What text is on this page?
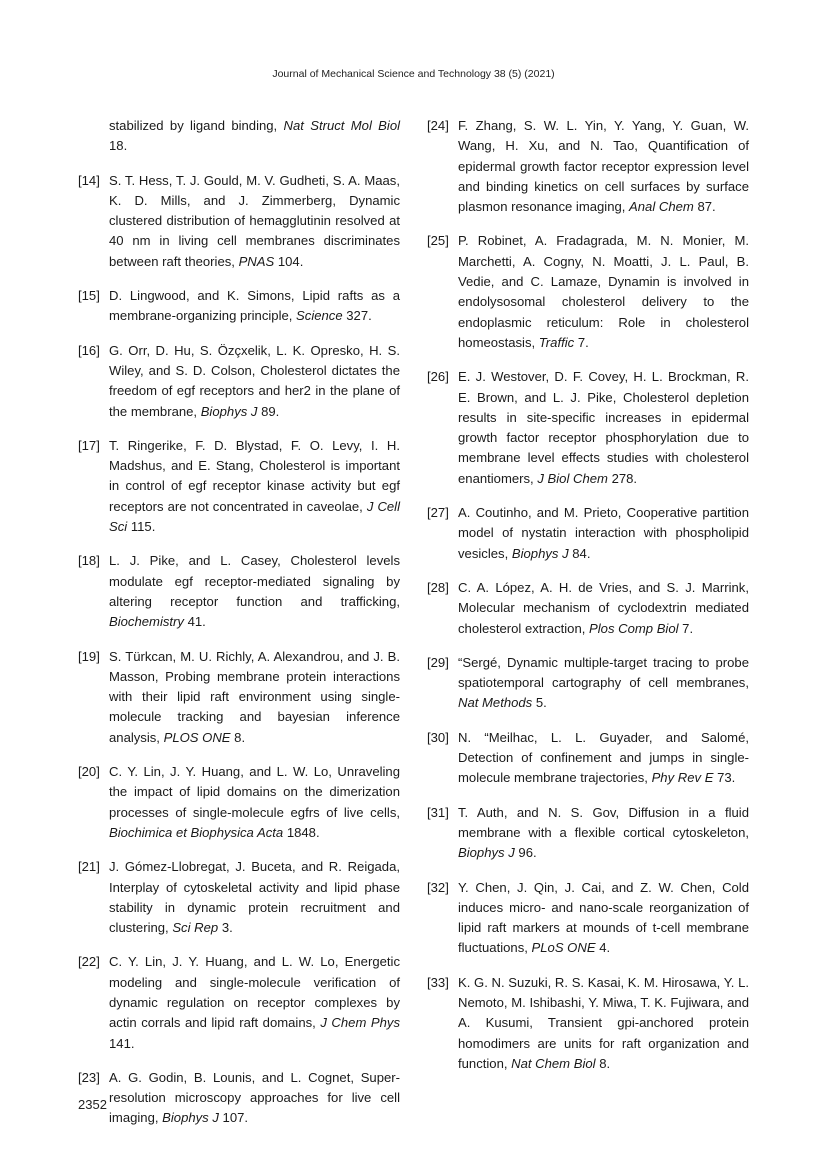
Journal of Mechanical Science and Technology 38 (5) (2021)
stabilized by ligand binding, Nat Struct Mol Biol 18.
[14] S. T. Hess, T. J. Gould, M. V. Gudheti, S. A. Maas, K. D. Mills, and J. Zimmerberg, Dynamic clustered distribution of hemagglutinin resolved at 40 nm in living cell membranes discriminates between raft theories, PNAS 104.
[15] D. Lingwood, and K. Simons, Lipid rafts as a membrane-organizing principle, Science 327.
[16] G. Orr, D. Hu, S. Özçxelik, L. K. Opresko, H. S. Wiley, and S. D. Colson, Cholesterol dictates the freedom of egf receptors and her2 in the plane of the membrane, Biophys J 89.
[17] T. Ringerike, F. D. Blystad, F. O. Levy, I. H. Madshus, and E. Stang, Cholesterol is important in control of egf receptor kinase activity but egf receptors are not concentrated in caveolae, J Cell Sci 115.
[18] L. J. Pike, and L. Casey, Cholesterol levels modulate egf receptor-mediated signaling by altering receptor function and trafficking, Biochemistry 41.
[19] S. Türkcan, M. U. Richly, A. Alexandrou, and J. B. Masson, Probing membrane protein interactions with their lipid raft environment using single-molecule tracking and bayesian inference analysis, PLOS ONE 8.
[20] C. Y. Lin, J. Y. Huang, and L. W. Lo, Unraveling the impact of lipid domains on the dimerization processes of single-molecule egfrs of live cells, Biochimica et Biophysica Acta 1848.
[21] J. Gómez-Llobregat, J. Buceta, and R. Reigada, Interplay of cytoskeletal activity and lipid phase stability in dynamic protein recruitment and clustering, Sci Rep 3.
[22] C. Y. Lin, J. Y. Huang, and L. W. Lo, Energetic modeling and single-molecule verification of dynamic regulation on receptor complexes by actin corrals and lipid raft domains, J Chem Phys 141.
[23] A. G. Godin, B. Lounis, and L. Cognet, Super-resolution microscopy approaches for live cell imaging, Biophys J 107.
[24] F. Zhang, S. W. L. Yin, Y. Yang, Y. Guan, W. Wang, H. Xu, and N. Tao, Quantification of epidermal growth factor receptor expression level and binding kinetics on cell surfaces by surface plasmon resonance imaging, Anal Chem 87.
[25] P. Robinet, A. Fradagrada, M. N. Monier, M. Marchetti, A. Cogny, N. Moatti, J. L. Paul, B. Vedie, and C. Lamaze, Dynamin is involved in endolysosomal cholesterol delivery to the endoplasmic reticulum: Role in cholesterol homeostasis, Traffic 7.
[26] E. J. Westover, D. F. Covey, H. L. Brockman, R. E. Brown, and L. J. Pike, Cholesterol depletion results in site-specific increases in epidermal growth factor receptor phosphorylation due to membrane level effects studies with cholesterol enantiomers, J Biol Chem 278.
[27] A. Coutinho, and M. Prieto, Cooperative partition model of nystatin interaction with phospholipid vesicles, Biophys J 84.
[28] C. A. López, A. H. de Vries, and S. J. Marrink, Molecular mechanism of cyclodextrin mediated cholesterol extraction, Plos Comp Biol 7.
[29] “Sergé, Dynamic multiple-target tracing to probe spatiotemporal cartography of cell membranes, Nat Methods 5.
[30] N. “Meilhac, L. L. Guyader, and Salomé, Detection of confinement and jumps in single-molecule membrane trajectories, Phy Rev E 73.
[31] T. Auth, and N. S. Gov, Diffusion in a fluid membrane with a flexible cortical cytoskeleton, Biophys J 96.
[32] Y. Chen, J. Qin, J. Cai, and Z. W. Chen, Cold induces micro- and nano-scale reorganization of lipid raft markers at mounds of t-cell membrane fluctuations, PLoS ONE 4.
[33] K. G. N. Suzuki, R. S. Kasai, K. M. Hirosawa, Y. L. Nemoto, M. Ishibashi, Y. Miwa, T. K. Fujiwara, and A. Kusumi, Transient gpi-anchored protein homodimers are units for raft organization and function, Nat Chem Biol 8.
2352
